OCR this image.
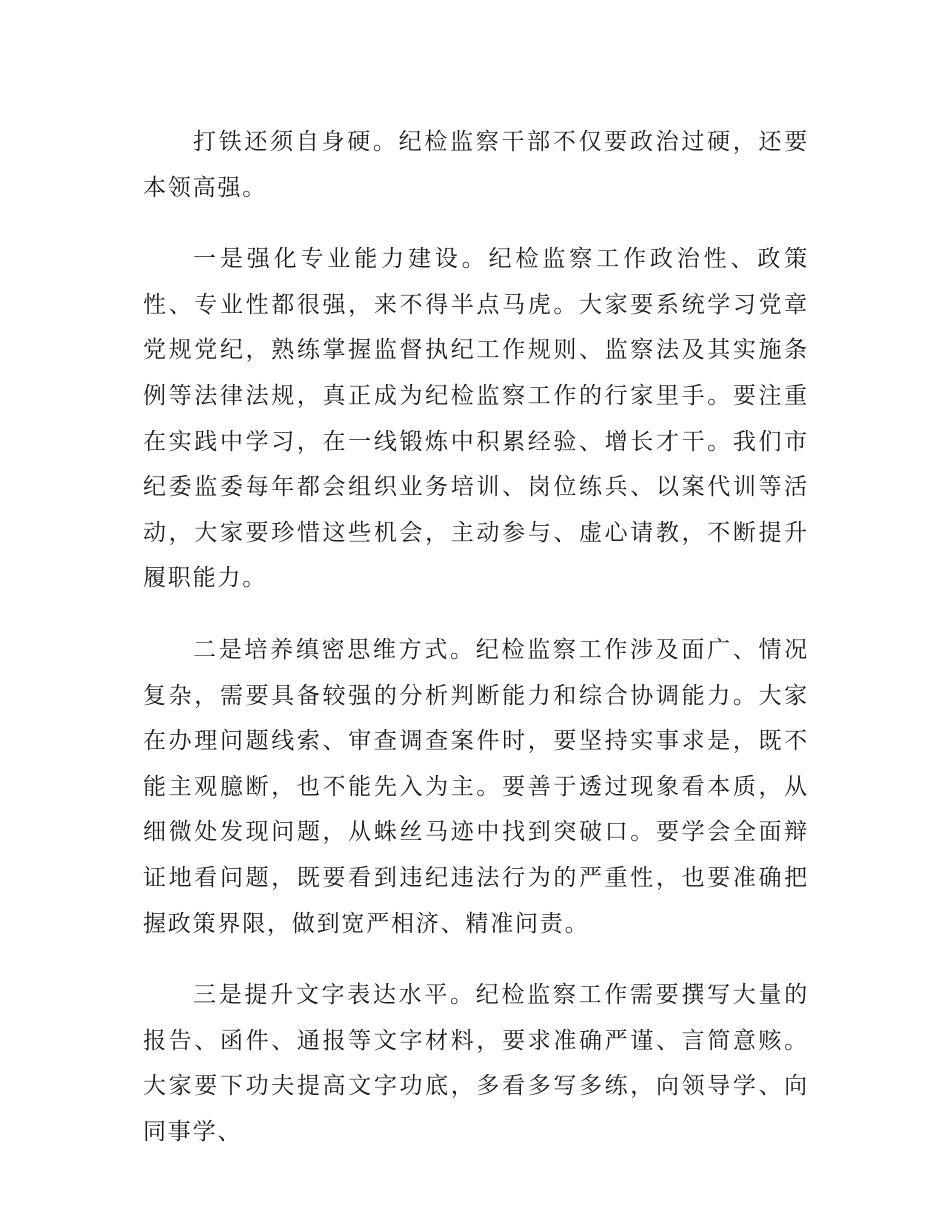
打铁还须自身硬。纪检监察干部不仅要政治过硬，还要本领高强。

一是强化专业能力建设。纪检监察工作政治性、政策性、专业性都很强，来不得半点马虎。大家要系统学习党章党规党纪，熟练掌握监督执纪工作规则、监察法及其实施条例等法律法规，真正成为纪检监察工作的行家里手。要注重在实践中学习，在一线锻炼中积累经验、增长才干。我们市纪委监委每年都会组织业务培训、岗位练兵、以案代训等活动，大家要珍惜这些机会，主动参与、虚心请教，不断提升履职能力。

二是培养缜密思维方式。纪检监察工作涉及面广、情况复杂，需要具备较强的分析判断能力和综合协调能力。大家在办理问题线索、审查调查案件时，要坚持实事求是，既不能主观臆断，也不能先入为主。要善于透过现象看本质，从细微处发现问题，从蛛丝马迹中找到突破口。要学会全面辩证地看问题，既要看到违纪违法行为的严重性，也要准确把握政策界限，做到宽严相济、精准问责。

三是提升文字表达水平。纪检监察工作需要撰写大量的报告、函件、通报等文字材料，要求准确严谨、言简意赅。大家要下功夫提高文字功底，多看多写多练，向领导学、向同事学、
